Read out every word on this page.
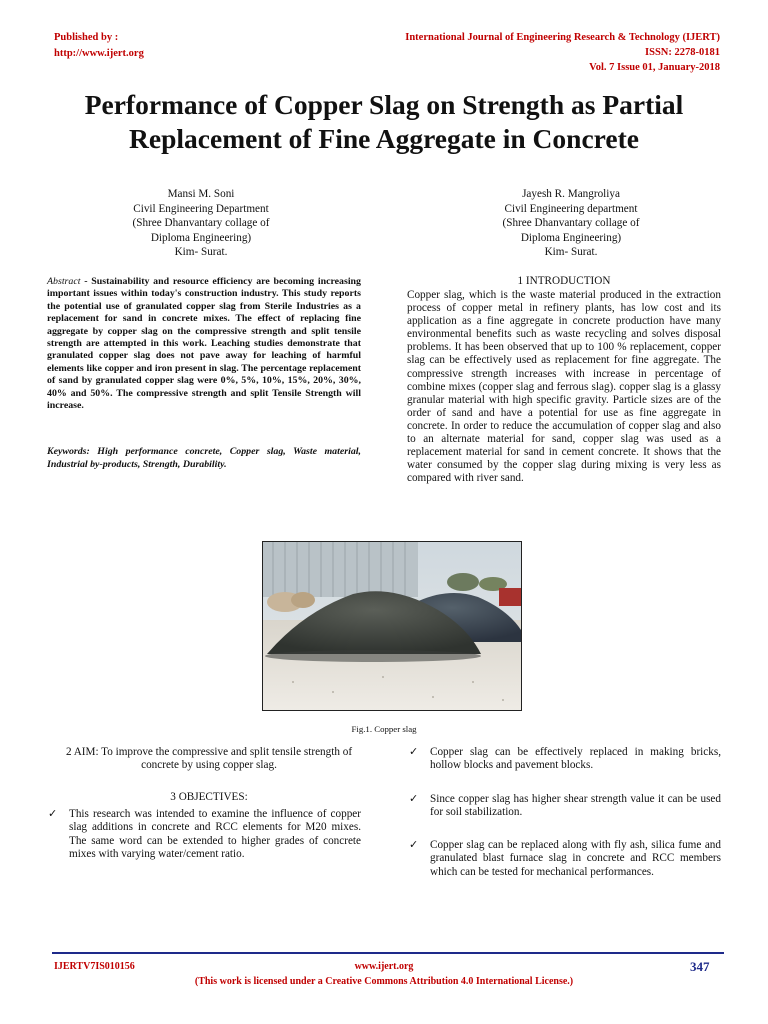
Published by :
http://www.ijert.org
International Journal of Engineering Research & Technology (IJERT)
ISSN: 2278-0181
Vol. 7 Issue 01, January-2018
Performance of Copper Slag on Strength as Partial
Replacement of Fine Aggregate in Concrete
Mansi M. Soni
Civil Engineering Department
(Shree Dhanvantary collage of
Diploma Engineering)
Kim- Surat.
Jayesh R. Mangroliya
Civil Engineering department
(Shree Dhanvantary collage of
Diploma Engineering)
Kim- Surat.
Abstract - Sustainability and resource efficiency are becoming increasing important issues within today's construction industry. This study reports the potential use of granulated copper slag from Sterile Industries as a replacement for sand in concrete mixes. The effect of replacing fine aggregate by copper slag on the compressive strength and split tensile strength are attempted in this work. Leaching studies demonstrate that granulated copper slag does not pave away for leaching of harmful elements like copper and iron present in slag. The percentage replacement of sand by granulated copper slag were 0%, 5%, 10%, 15%, 20%, 30%, 40% and 50%. The compressive strength and split Tensile Strength will increase.
Keywords: High performance concrete, Copper slag, Waste material, Industrial by-products, Strength, Durability.
1 INTRODUCTION
Copper slag, which is the waste material produced in the extraction process of copper metal in refinery plants, has low cost and its application as a fine aggregate in concrete production have many environmental benefits such as waste recycling and solves disposal problems. It has been observed that up to 100 % replacement, copper slag can be effectively used as replacement for fine aggregate. The compressive strength increases with increase in percentage of combine mixes (copper slag and ferrous slag). copper slag is a glassy granular material with high specific gravity. Particle sizes are of the order of sand and have a potential for use as fine aggregate in concrete. In order to reduce the accumulation of copper slag and also to an alternate material for sand, copper slag was used as a replacement material for sand in cement concrete. It shows that the water consumed by the copper slag during mixing is very less as compared with river sand.
Fig.1. Copper slag
2 AIM: To improve the compressive and split tensile strength of concrete by using copper slag.
3 OBJECTIVES:
✓ This research was intended to examine the influence of copper slag additions in concrete and RCC elements for M20 mixes. The same word can be extended to higher grades of concrete mixes with varying water/cement ratio.
✓ Copper slag can be effectively replaced in making bricks, hollow blocks and pavement blocks.
✓ Since copper slag has higher shear strength value it can be used for soil stabilization.
✓ Copper slag can be replaced along with fly ash, silica fume and granulated blast furnace slag in concrete and RCC members which can be tested for mechanical performances.
IJERTV7IS010156	www.ijert.org	347
(This work is licensed under a Creative Commons Attribution 4.0 International License.)
